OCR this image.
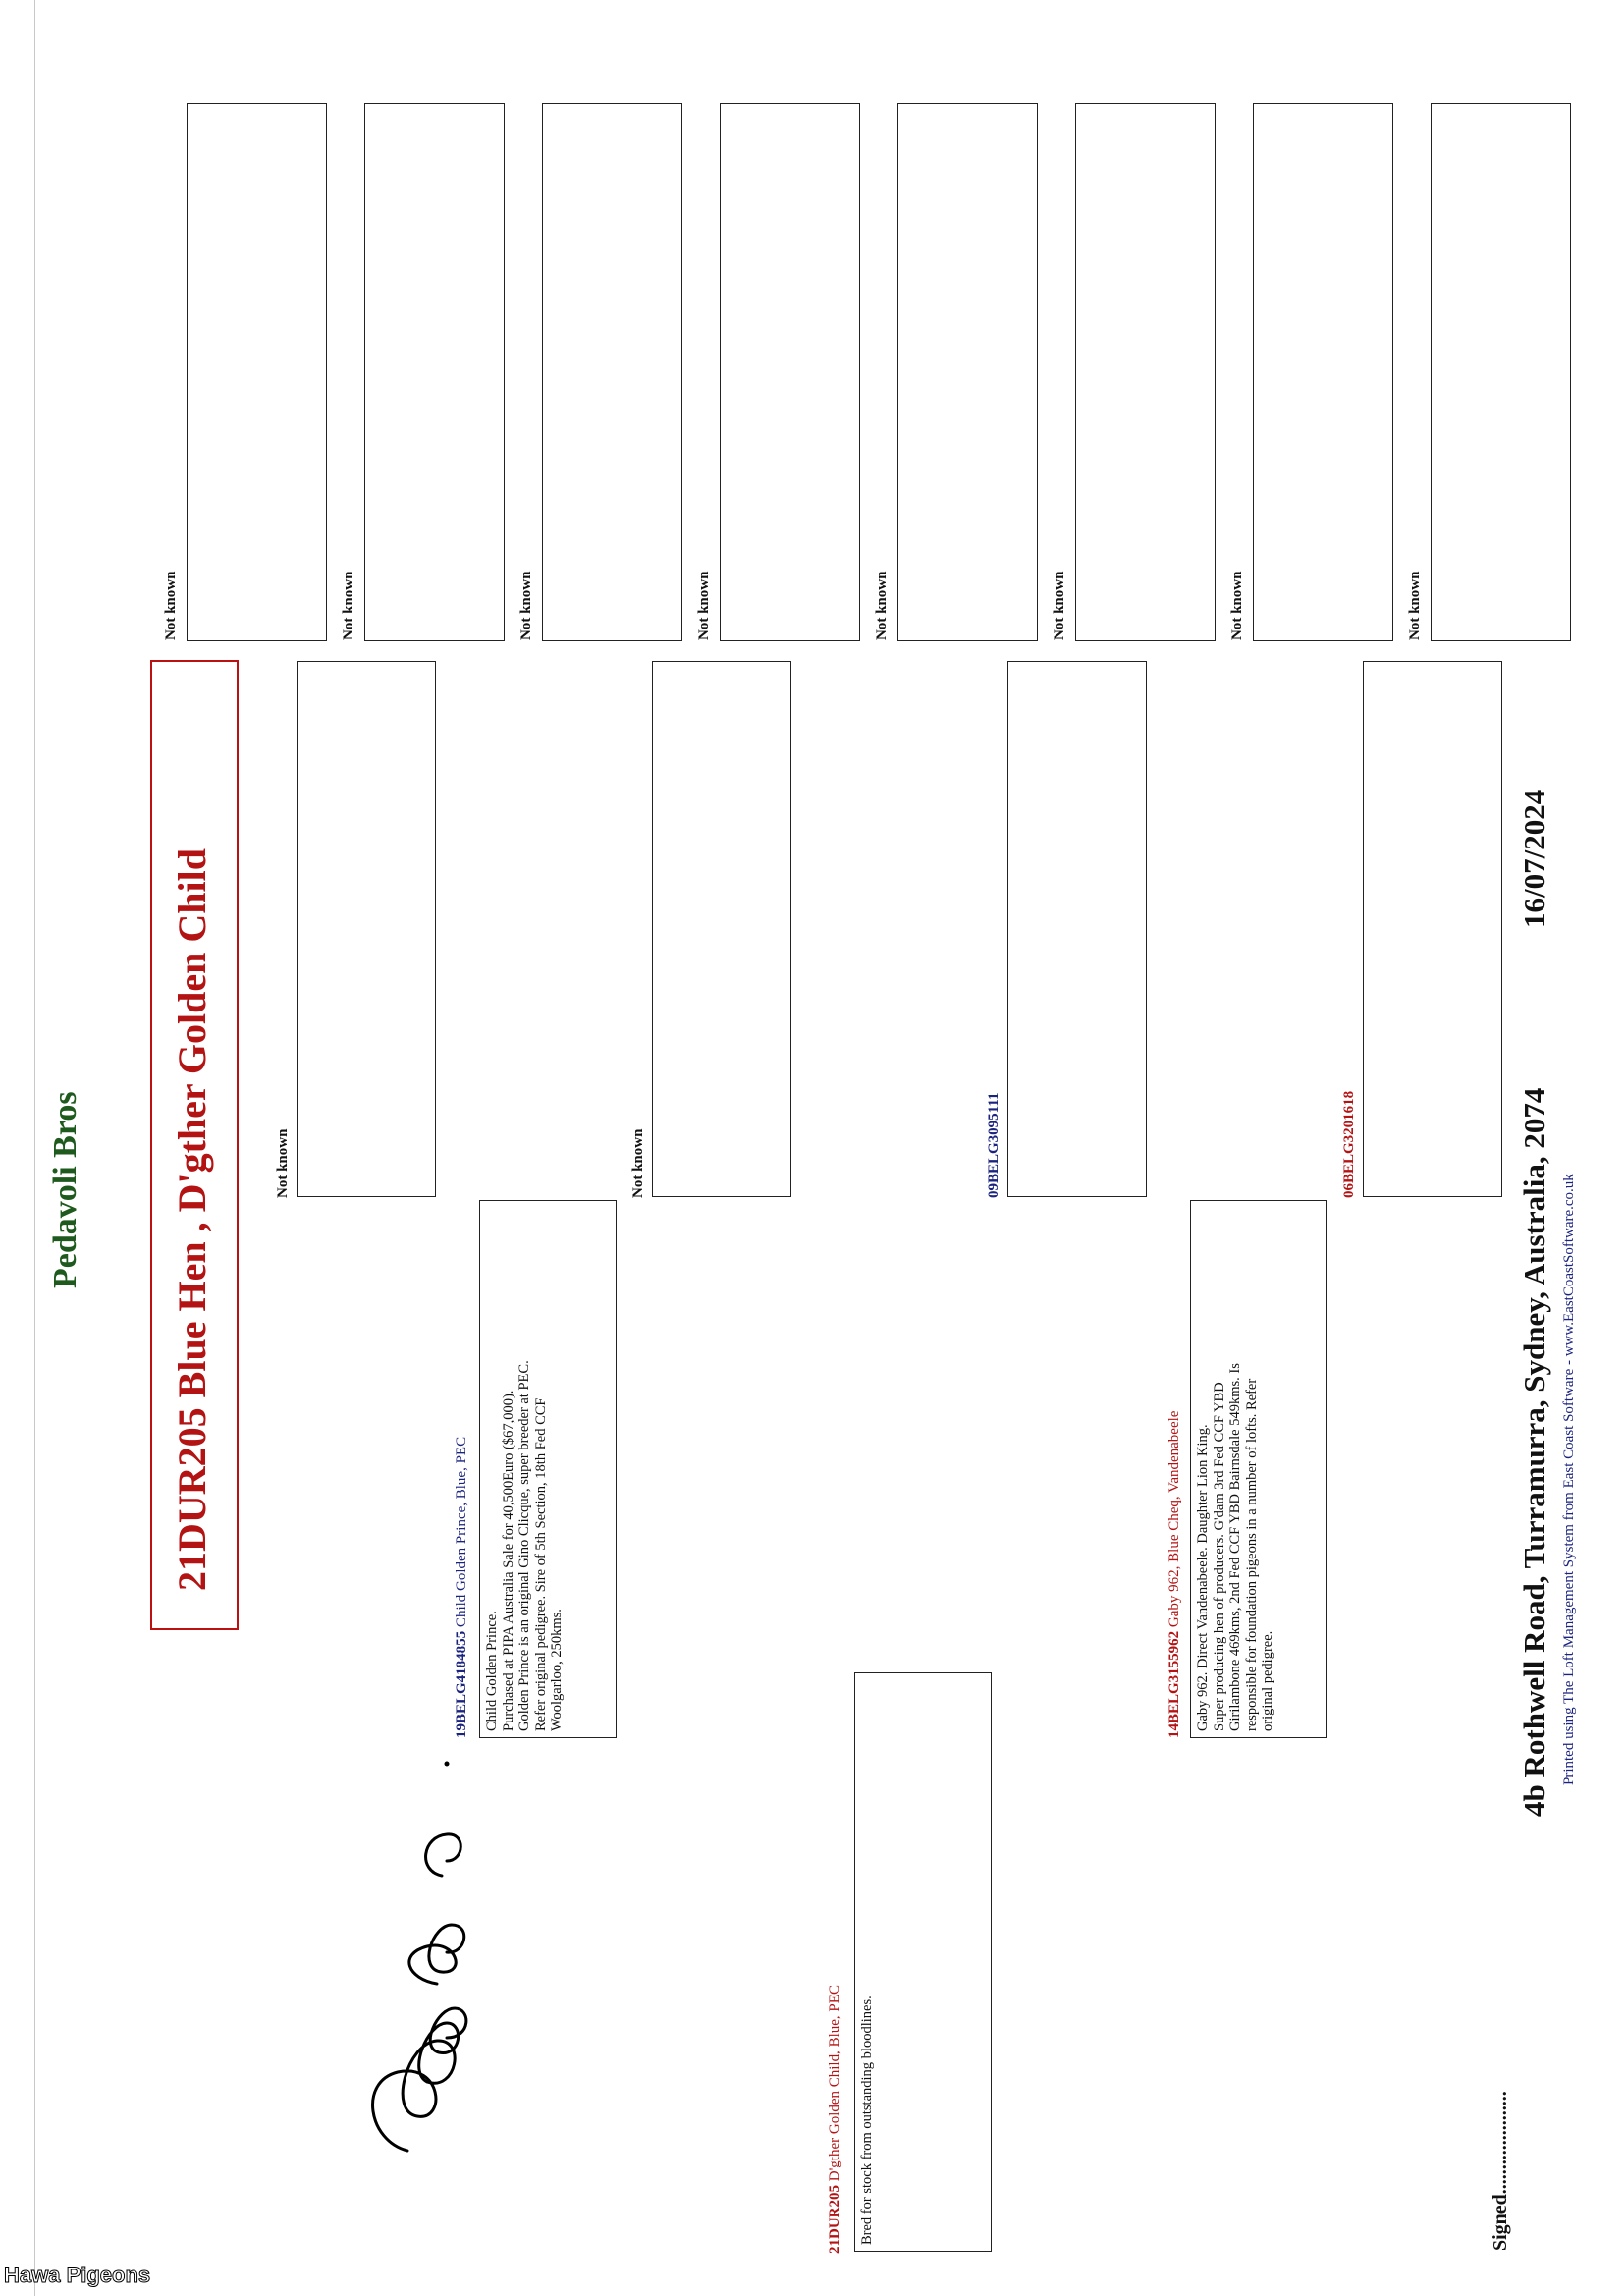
Pedavoli Bros 21DUR205 Blue Hen , D'gther Golden Child
21DUR205 D'gther Golden Child, Blue, PEC Bred for stock from outstanding bloodlines.
19BELG4184855 Child Golden Prince, Blue, PEC
Child Golden Prince. Purchased at PIPA Australia Sale for 40,500Euro ($67,000). Golden Prince is an original Gino Clicque, super breeder at PEC. Refer original pedigree. Sire of 5th Section, 18th Fed CCF Woolgarloo, 250kms.	14BELG3155962 Gaby 962, Blue Cheq, Vandenabeele Gaby 962. Direct Vandenabeele. Daughter Lion King. Super producing hen of producers. G'dam 3rd Fed CCF YBD Girilambone 469kms, 2nd Fed CCF YBD Bairnsdale 549kms. Is responsible for foundation pigeons in a number of lofts. Refer original pedigree.
Not known	Not known	09BELG3095111	06BELG3201618
Not known	Not known	Not known	Not known	Not known	Not known	Not known	Not known
Signed.....................
4b Rothwell Road, Turramurra, Sydney, Australia, 2074
16/07/2024
Printed using The Loft Management System from East Coast Software - www.EastCoastSoftware.co.uk
Hawa Pigeons
